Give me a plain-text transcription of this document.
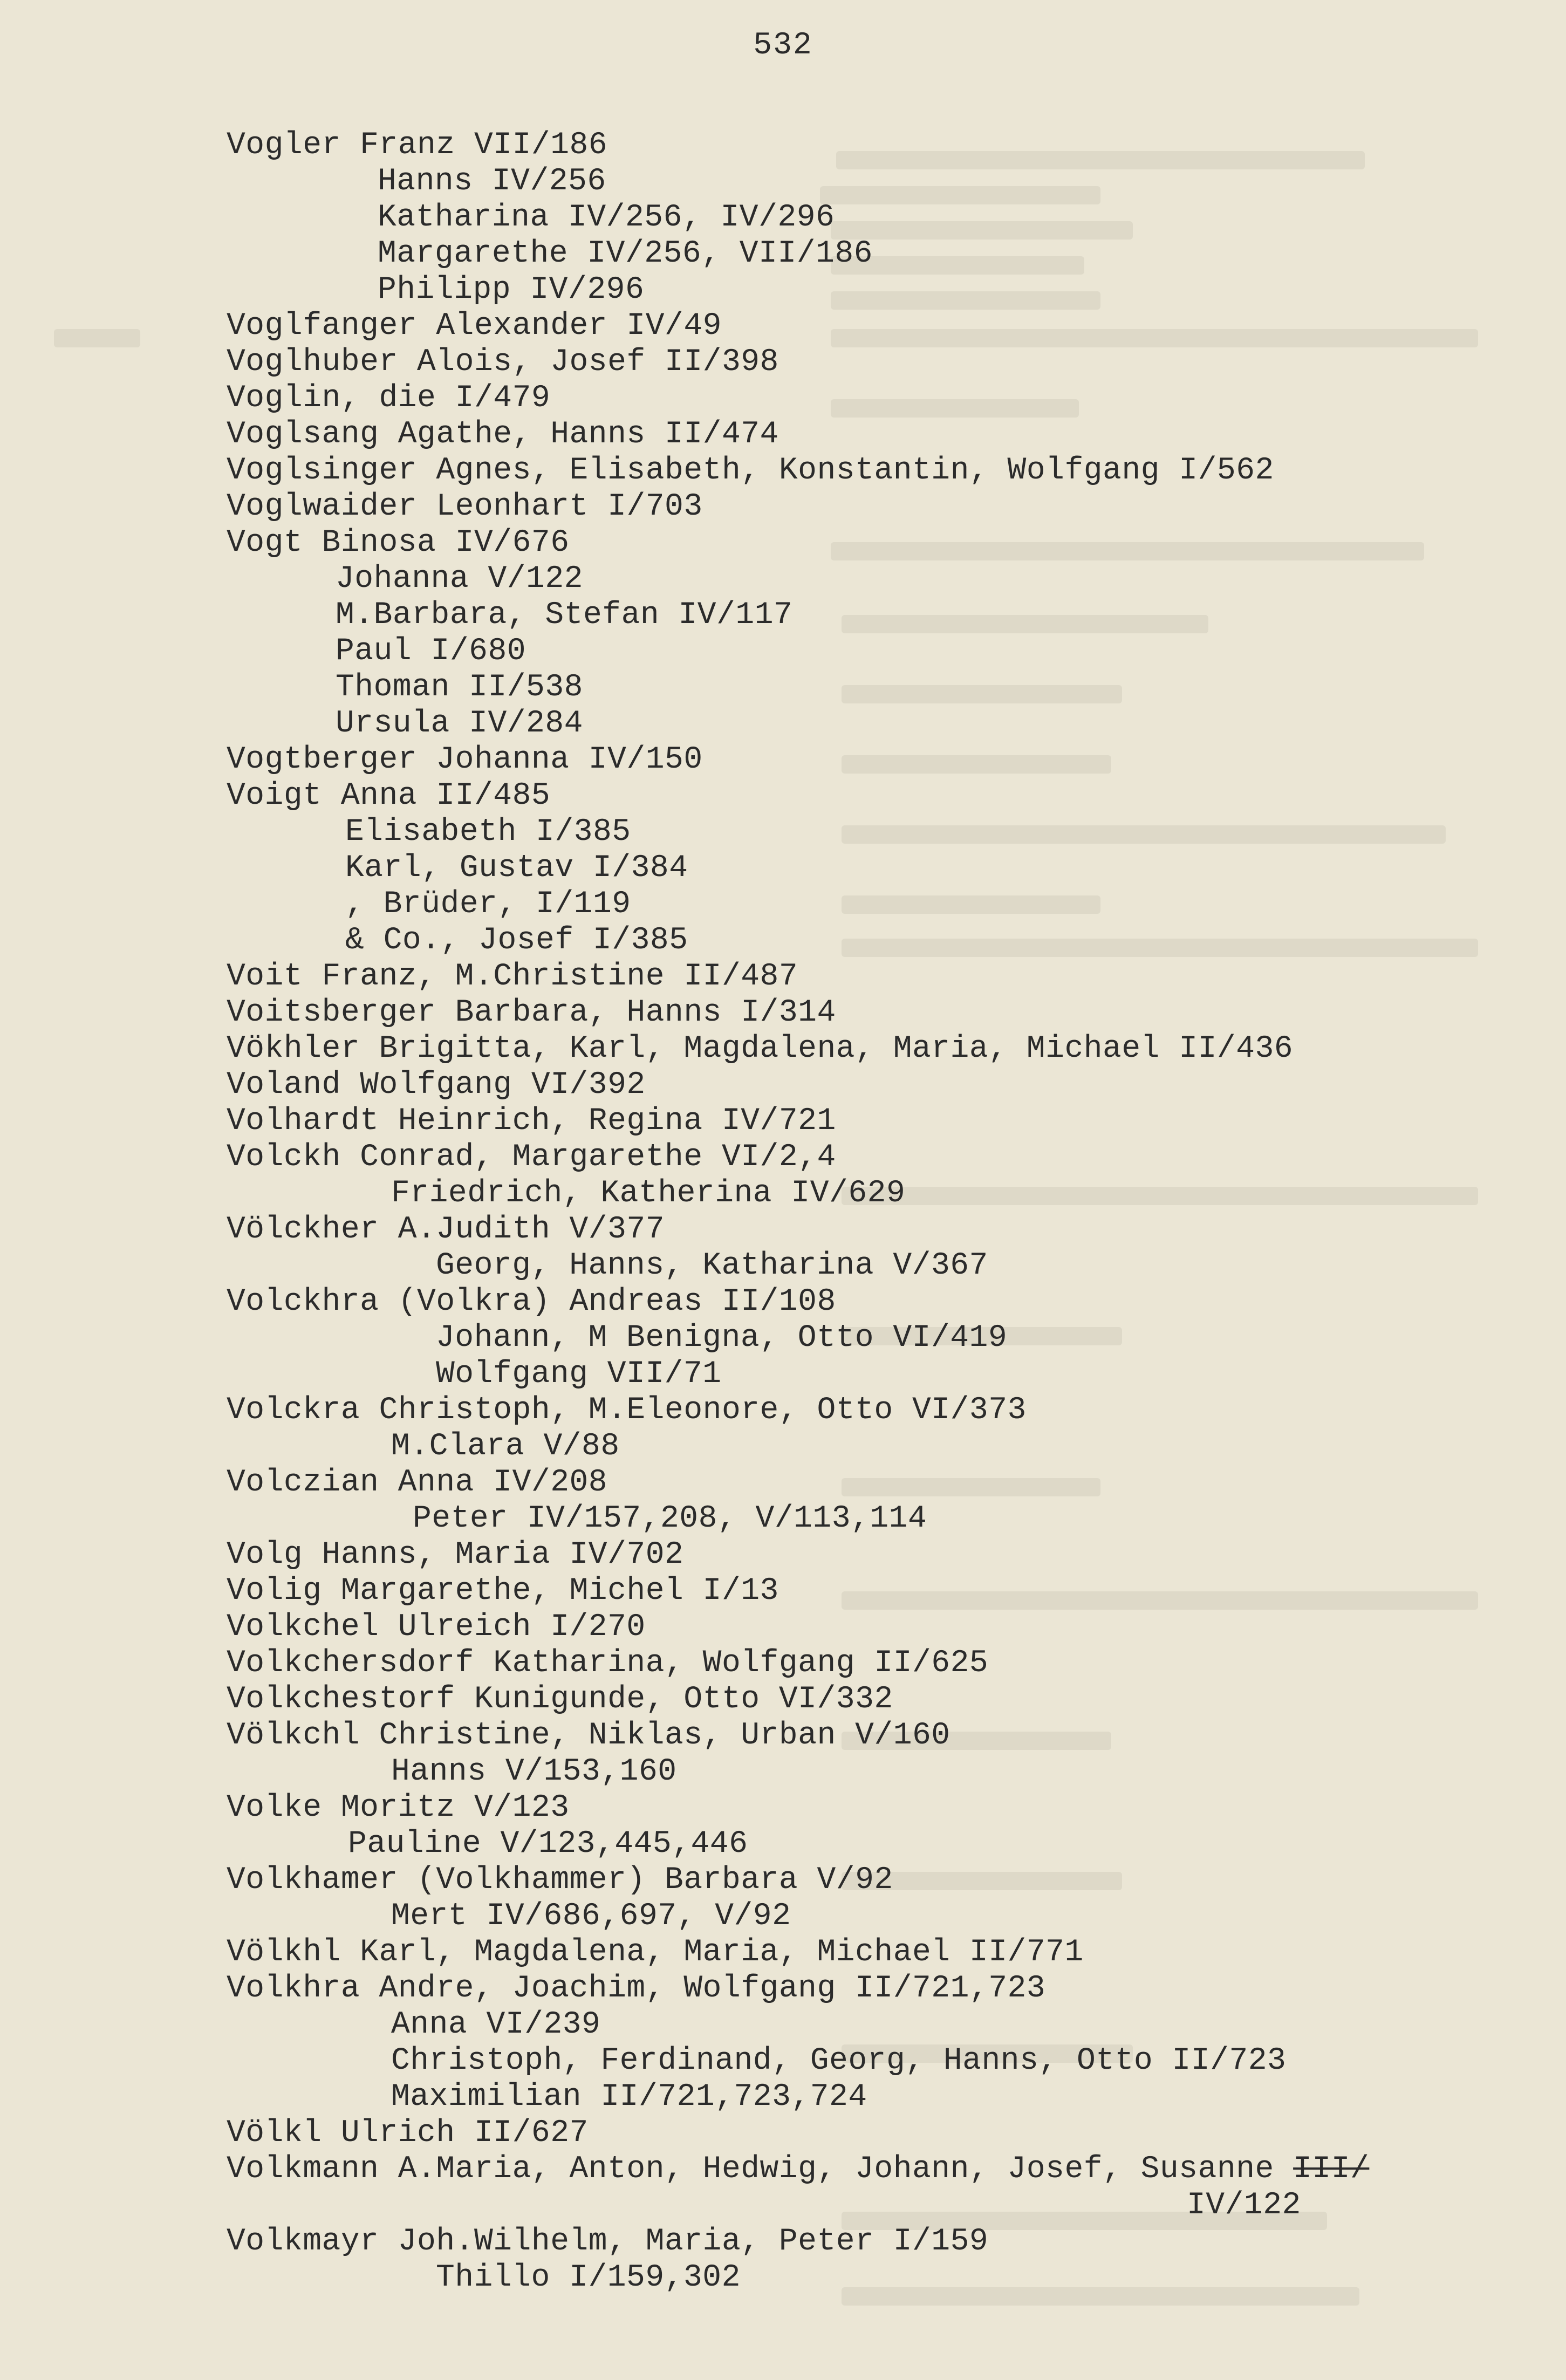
532
Vogler Franz VII/186
Hanns IV/256
Katharina IV/256, IV/296
Margarethe IV/256, VII/186
Philipp IV/296
Voglfanger Alexander IV/49
Voglhuber Alois, Josef II/398
Voglin, die I/479
Voglsang Agathe, Hanns II/474
Voglsinger Agnes, Elisabeth, Konstantin, Wolfgang I/562
Voglwaider Leonhart I/703
Vogt Binosa IV/676
Johanna V/122
M.Barbara, Stefan IV/117
Paul I/680
Thoman II/538
Ursula IV/284
Vogtberger Johanna IV/150
Voigt Anna II/485
Elisabeth I/385
Karl, Gustav I/384
, Brüder, I/119
& Co., Josef I/385
Voit Franz, M.Christine II/487
Voitsberger Barbara, Hanns I/314
Vökhler Brigitta, Karl, Magdalena, Maria, Michael II/436
Voland Wolfgang VI/392
Volhardt Heinrich, Regina IV/721
Volckh Conrad, Margarethe VI/2,4
Friedrich, Katherina IV/629
Völckher A.Judith V/377
Georg, Hanns, Katharina V/367
Volckhra (Volkra) Andreas II/108
Johann, M Benigna, Otto VI/419
Wolfgang VII/71
Volckra Christoph, M.Eleonore, Otto VI/373
M.Clara V/88
Volczian Anna IV/208
Peter IV/157,208, V/113,114
Volg Hanns, Maria IV/702
Volig Margarethe, Michel I/13
Volkchel Ulreich I/270
Volkchersdorf Katharina, Wolfgang II/625
Volkchestorf Kunigunde, Otto VI/332
Völkchl Christine, Niklas, Urban V/160
Hanns V/153,160
Volke Moritz V/123
Pauline V/123,445,446
Volkhamer (Volkhammer) Barbara V/92
Mert IV/686,697, V/92
Völkhl Karl, Magdalena, Maria, Michael II/771
Volkhra Andre, Joachim, Wolfgang II/721,723
Anna VI/239
Christoph, Ferdinand, Georg, Hanns, Otto II/723
Maximilian II/721,723,724
Völkl Ulrich II/627
Volkmann A.Maria, Anton, Hedwig, Johann, Josef, Susanne III/
IV/122
Volkmayr Joh.Wilhelm, Maria, Peter I/159
Thillo I/159,302
